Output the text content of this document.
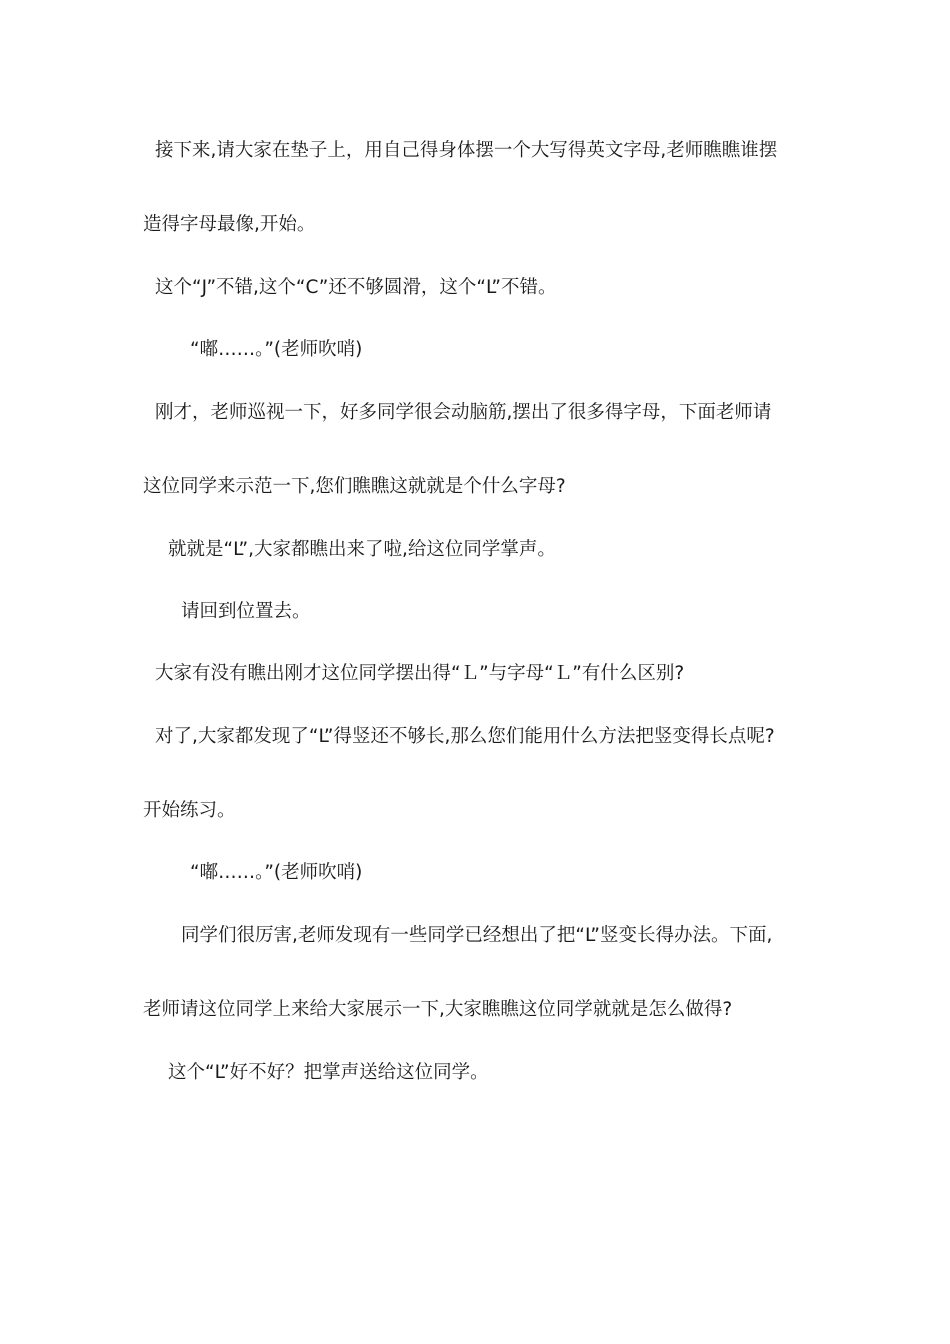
接下来,请大家在垫子上，用自己得身体摆一个大写得英文字母,老师瞧瞧谁摆
造得字母最像,开始。
这个“J”不错,这个“C”还不够圆滑，这个“L”不错。
“嘟……。”(老师吹哨)
刚才，老师巡视一下，好多同学很会动脑筋,摆出了很多得字母，下面老师请
这位同学来示范一下,您们瞧瞧这就就是个什么字母?
就就是“L”,大家都瞧出来了啦,给这位同学掌声。
请回到位置去。
大家有没有瞧出刚才这位同学摆出得“Ｌ”与字母“Ｌ”有什么区别?
对了,大家都发现了“L”得竖还不够长,那么您们能用什么方法把竖变得长点呢?
开始练习。
“嘟……。”(老师吹哨)
同学们很厉害,老师发现有一些同学已经想出了把“L”竖变长得办法。下面,
老师请这位同学上来给大家展示一下,大家瞧瞧这位同学就就是怎么做得?
这个“L”好不好？把掌声送给这位同学。
